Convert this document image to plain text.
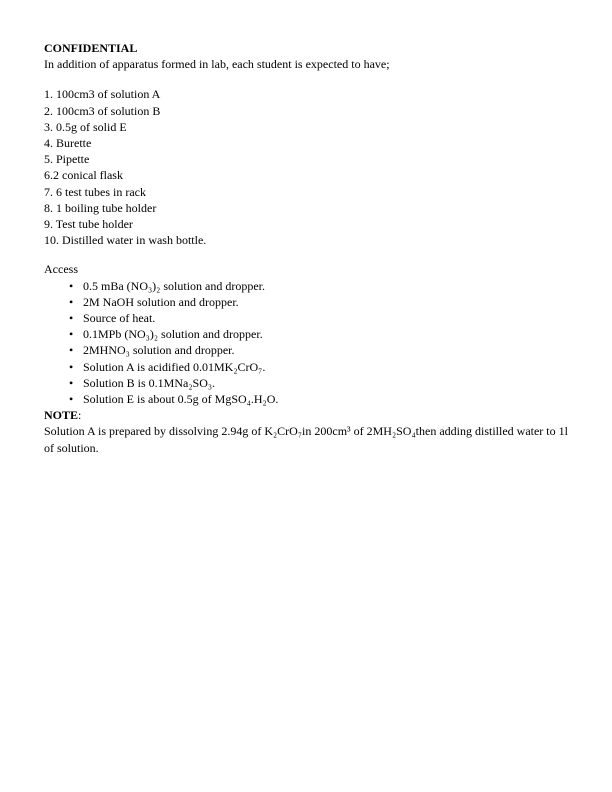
CONFIDENTIAL
In addition of apparatus formed in lab, each student is expected to have;
1. 100cm3 of solution A
2. 100cm3 of solution B
3. 0.5g of solid E
4. Burette
5. Pipette
6.2 conical flask
7. 6 test tubes in rack
8. 1 boiling tube holder
9. Test tube holder
10. Distilled water in wash bottle.
Access
•
0.5 mBa (NO₃)₂ solution and dropper.
•
2M NaOH solution and dropper.
•
Source of heat.
•
0.1MPb (NO₃)₂ solution and dropper.
•
2MHNO₃ solution and dropper.
•
Solution A is acidified 0.01MK₂CrO₇.
•
Solution B is 0.1MNa₂SO₃.
•
Solution E is about 0.5g of MgSO₄.H₂O.
NOTE:
Solution A is prepared by dissolving 2.94g of K₂CrO₇in 200cm³ of 2MH₂SO₄then adding distilled water to 1l of solution.
